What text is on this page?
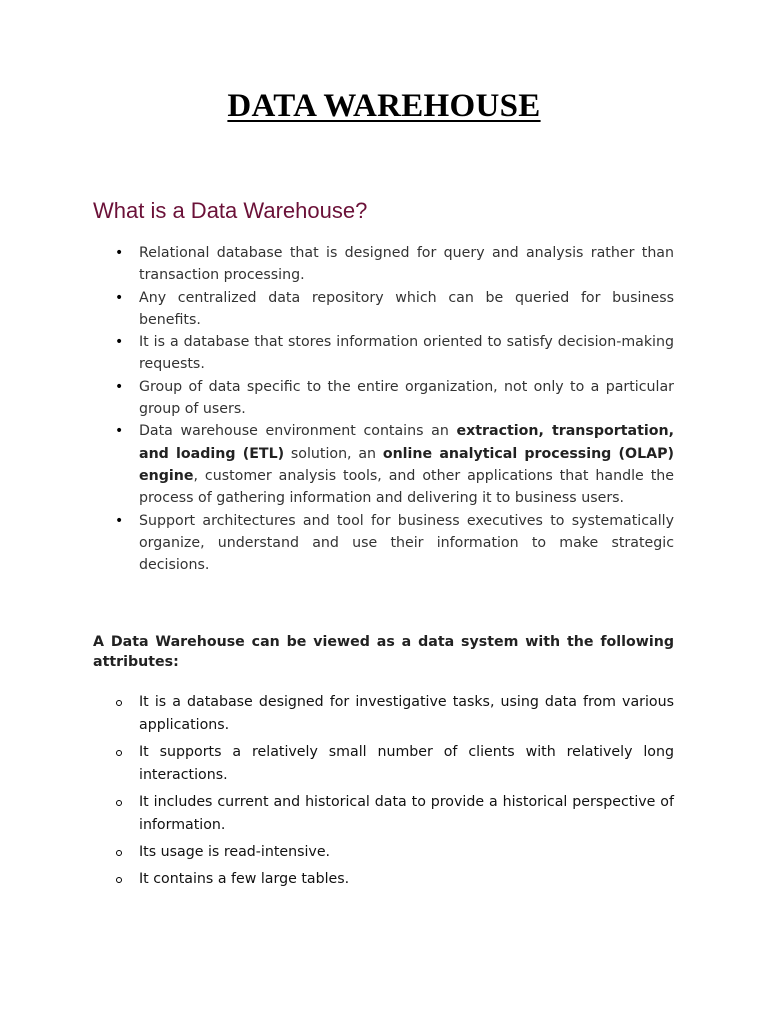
DATA WAREHOUSE
What is a Data Warehouse?
• Relational database that is designed for query and analysis rather than transaction processing.
• Any centralized data repository which can be queried for business benefits.
• It is a database that stores information oriented to satisfy decision-making requests.
• Group of data specific to the entire organization, not only to a particular group of users.
• Data warehouse environment contains an extraction, transportation, and loading (ETL) solution, an online analytical processing (OLAP) engine, customer analysis tools, and other applications that handle the process of gathering information and delivering it to business users.
• Support architectures and tool for business executives to systematically organize, understand and use their information to make strategic decisions.

A Data Warehouse can be viewed as a data system with the following attributes:

It is a database designed for investigative tasks, using data from various applications.
It supports a relatively small number of clients with relatively long interactions.
It includes current and historical data to provide a historical perspective of information.
Its usage is read-intensive.
It contains a few large tables.
